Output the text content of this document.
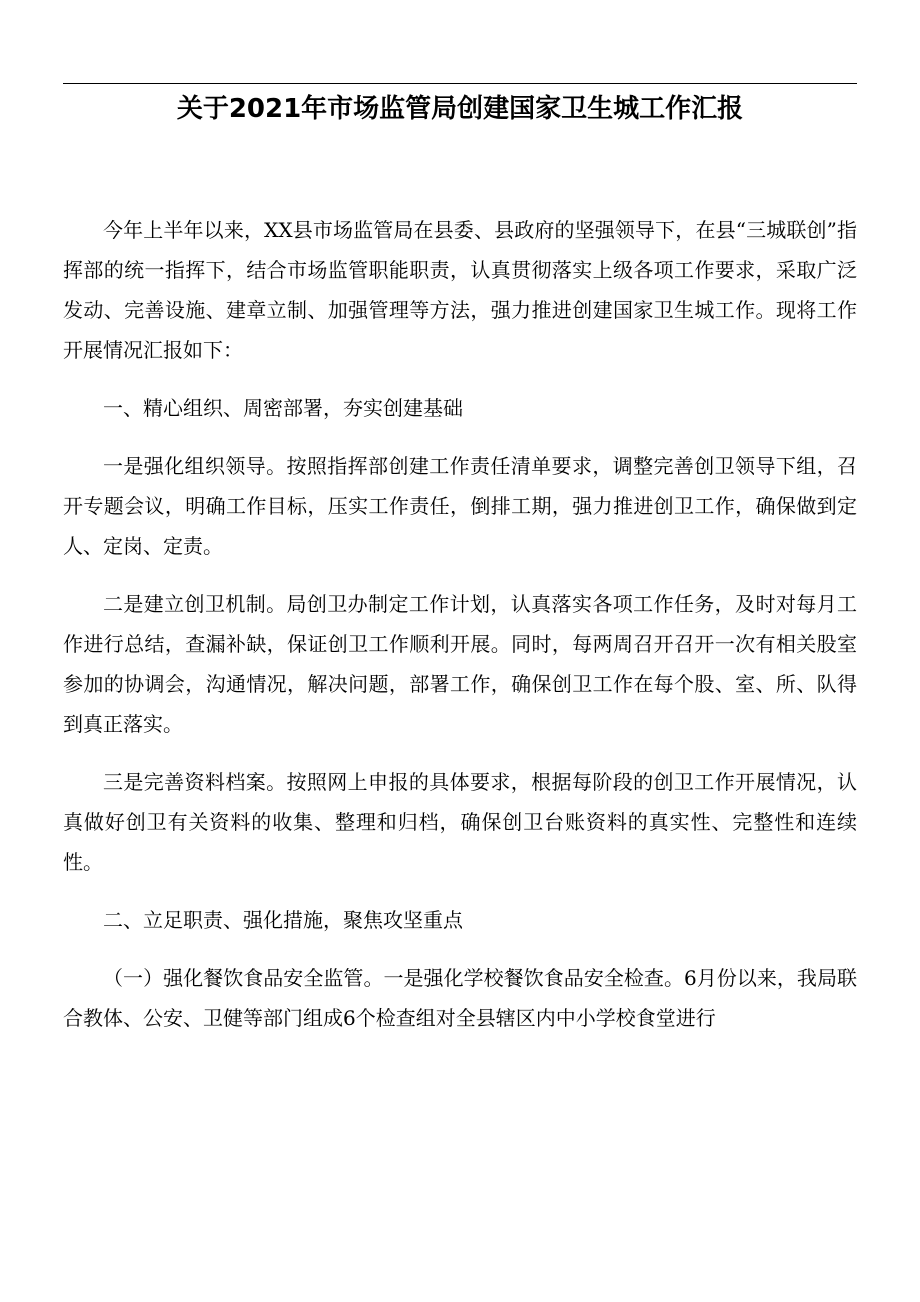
关于2021年市场监管局创建国家卫生城工作汇报

今年上半年以来，XX县市场监管局在县委、县政府的坚强领导下，在县“三城联创”指挥部的统一指挥下，结合市场监管职能职责，认真贯彻落实上级各项工作要求，采取广泛发动、完善设施、建章立制、加强管理等方法，强力推进创建国家卫生城工作。现将工作开展情况汇报如下：

一、精心组织、周密部署，夯实创建基础

一是强化组织领导。按照指挥部创建工作责任清单要求，调整完善创卫领导下组，召开专题会议，明确工作目标，压实工作责任，倒排工期，强力推进创卫工作，确保做到定人、定岗、定责。

二是建立创卫机制。局创卫办制定工作计划，认真落实各项工作任务，及时对每月工作进行总结，查漏补缺，保证创卫工作顺利开展。同时，每两周召开召开一次有相关股室参加的协调会，沟通情况，解决问题，部署工作，确保创卫工作在每个股、室、所、队得到真正落实。

三是完善资料档案。按照网上申报的具体要求，根据每阶段的创卫工作开展情况，认真做好创卫有关资料的收集、整理和归档，确保创卫台账资料的真实性、完整性和连续性。

二、立足职责、强化措施，聚焦攻坚重点

（一）强化餐饮食品安全监管。一是强化学校餐饮食品安全检查。6月份以来，我局联合教体、公安、卫健等部门组成6个检查组对全县辖区内中小学校食堂进行
